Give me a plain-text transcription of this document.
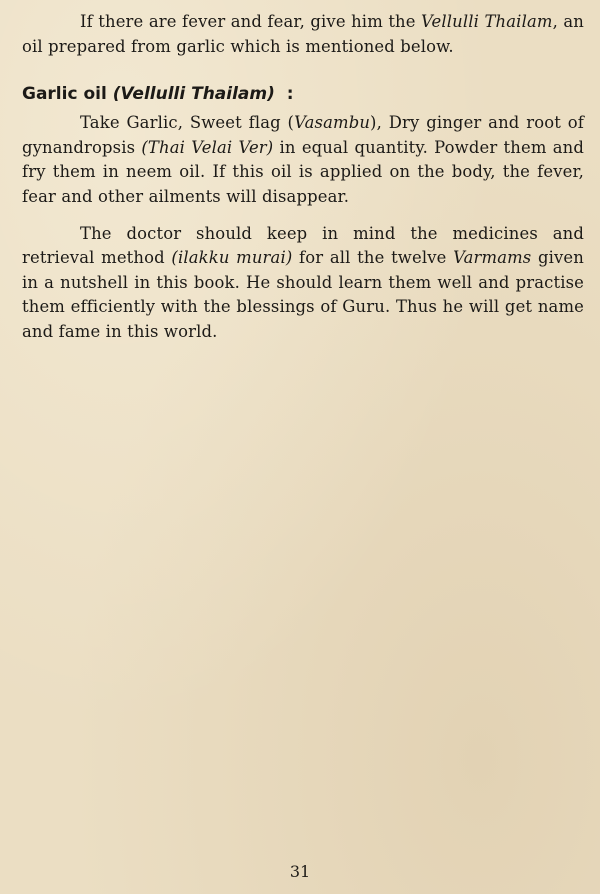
If there are fever and fear, give him the Vellulli Thailam, an oil prepared from garlic which is mentioned below.

Garlic oil (Vellulli Thailam)  :

Take Garlic, Sweet flag (Vasambu), Dry ginger and root of gynandropsis (Thai Velai Ver) in equal quantity. Powder them and fry them in neem oil. If this oil is applied on the body, the fever, fear and other ailments will disappear.

The doctor should keep in mind the medicines and retrieval method (ilakku murai) for all the twelve Varmams given in a nutshell in this book. He should learn them well and practise them efficiently with the blessings of Guru. Thus he will get name and fame in this world.

31
